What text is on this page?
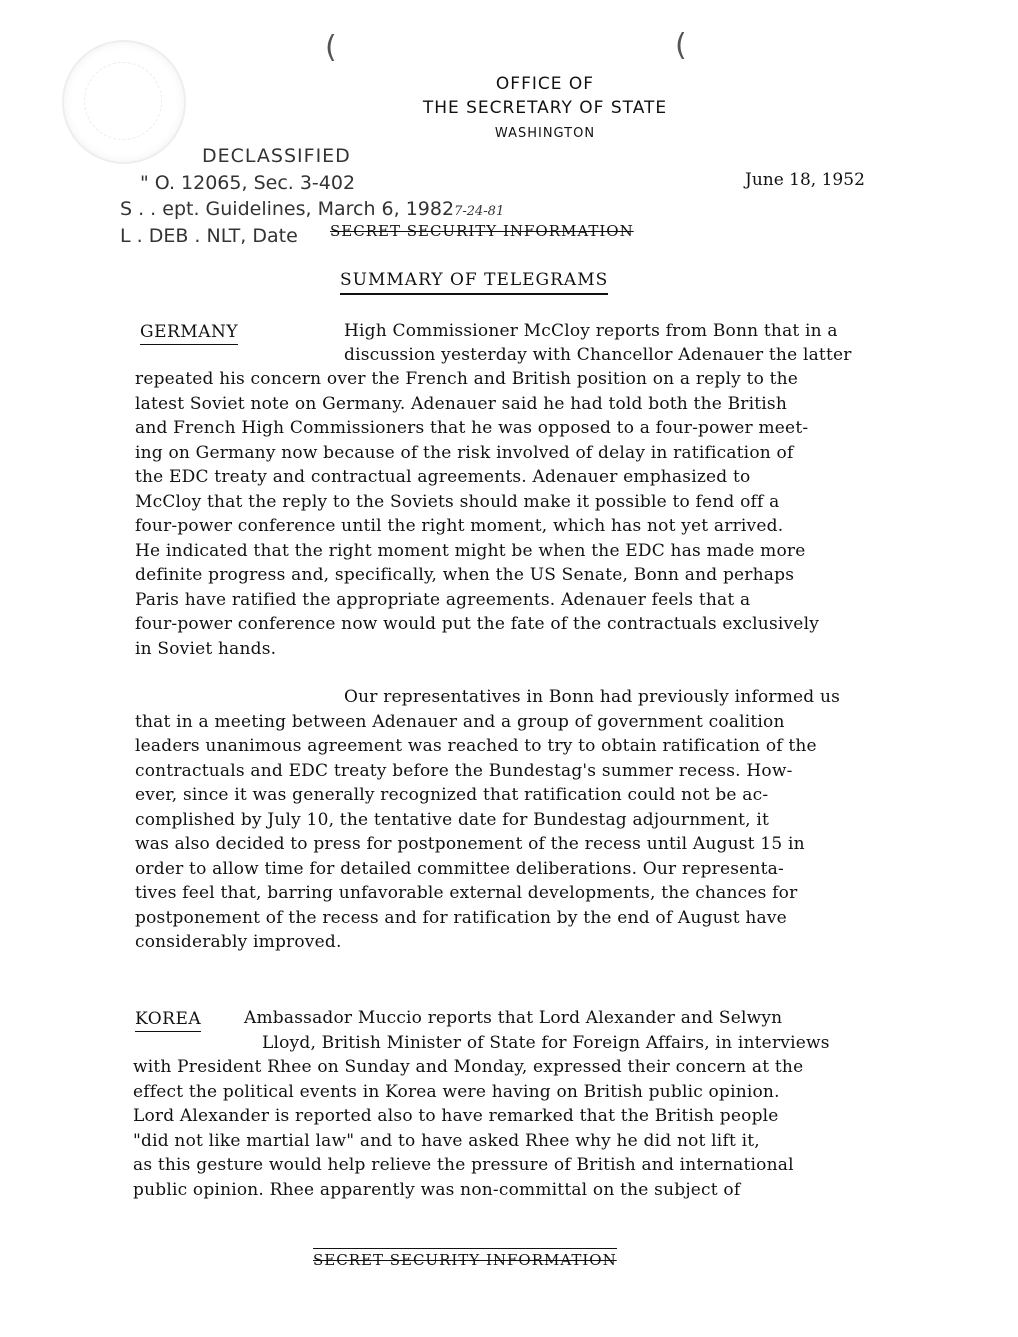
(	(
OFFICE OF
THE SECRETARY OF STATE
WASHINGTON
DECLASSIFIED
" O. 12065, Sec. 3-402
S . . ept. Guidelines, March 6, 19827-24-81
L . DEB . NLT, Date
June 18, 1952
SECRET SECURITY INFORMATION
SUMMARY OF TELEGRAMS
GERMANY	High Commissioner McCloy reports from Bonn that in a
discussion yesterday with Chancellor Adenauer the latter
repeated his concern over the French and British position on a reply to the
latest Soviet note on Germany. Adenauer said he had told both the British
and French High Commissioners that he was opposed to a four-power meet-
ing on Germany now because of the risk involved of delay in ratification of
the EDC treaty and contractual agreements. Adenauer emphasized to
McCloy that the reply to the Soviets should make it possible to fend off a
four-power conference until the right moment, which has not yet arrived.
He indicated that the right moment might be when the EDC has made more
definite progress and, specifically, when the US Senate, Bonn and perhaps
Paris have ratified the appropriate agreements. Adenauer feels that a
four-power conference now would put the fate of the contractuals exclusively
in Soviet hands.
Our representatives in Bonn had previously informed us
that in a meeting between Adenauer and a group of government coalition
leaders unanimous agreement was reached to try to obtain ratification of the
contractuals and EDC treaty before the Bundestag's summer recess. How-
ever, since it was generally recognized that ratification could not be ac-
complished by July 10, the tentative date for Bundestag adjournment, it
was also decided to press for postponement of the recess until August 15 in
order to allow time for detailed committee deliberations. Our representa-
tives feel that, barring unfavorable external developments, the chances for
postponement of the recess and for ratification by the end of August have
considerably improved.
KOREA	Ambassador Muccio reports that Lord Alexander and Selwyn
Lloyd, British Minister of State for Foreign Affairs, in interviews
with President Rhee on Sunday and Monday, expressed their concern at the
effect the political events in Korea were having on British public opinion.
Lord Alexander is reported also to have remarked that the British people
"did not like martial law" and to have asked Rhee why he did not lift it,
as this gesture would help relieve the pressure of British and international
public opinion. Rhee apparently was non-committal on the subject of
SECRET SECURITY INFORMATION
